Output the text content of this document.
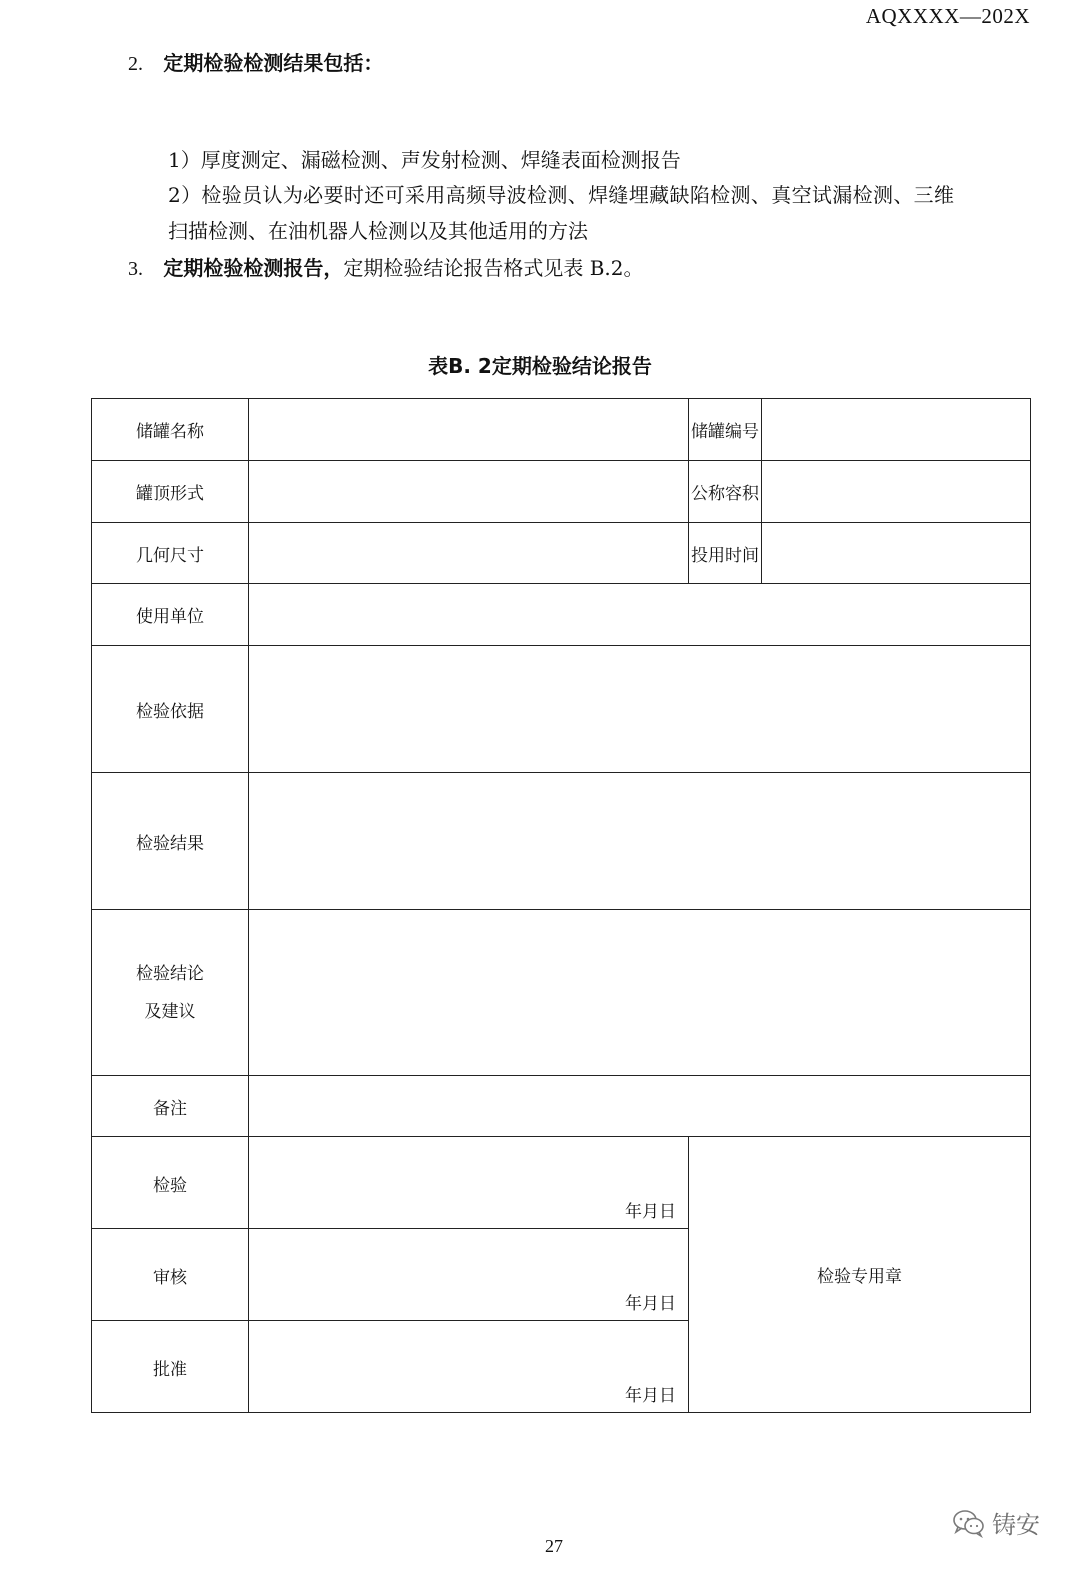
AQXXXX—202X
2. 定期检验检测结果包括：
1）厚度测定、漏磁检测、声发射检测、焊缝表面检测报告
2）检验员认为必要时还可采用高频导波检测、焊缝埋藏缺陷检测、真空试漏检测、三维
扫描检测、在油机器人检测以及其他适用的方法
3. 定期检验检测报告，定期检验结论报告格式见表 B.2。
表B. 2定期检验结论报告
储罐名称		储罐编号	
罐顶形式		公称容积	
几何尺寸		投用时间	
使用单位			
检验依据			
检验结果			

检验结论
及建议			

备注			

检验	年月日	检验专用章	

审核	年月日		

批准	年月日		
27
铸安
